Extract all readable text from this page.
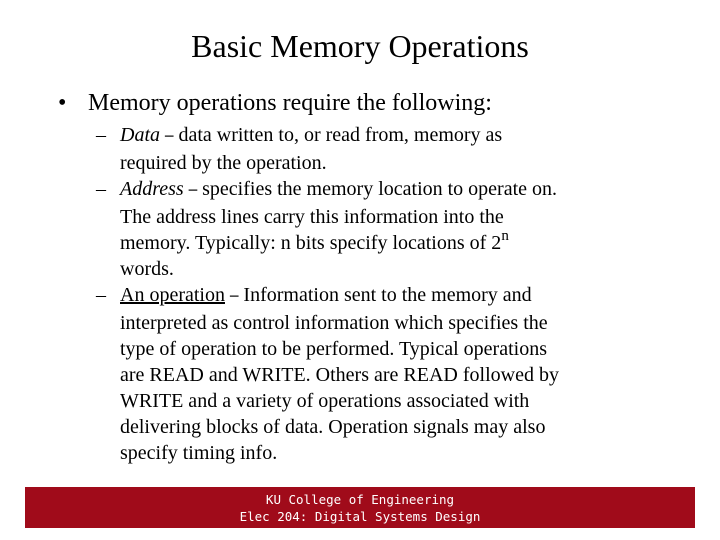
Basic Memory Operations
• Memory operations require the following:
– Data ─ data written to, or read from, memory as
required by the operation.
– Address ─ specifies the memory location to operate on.
The address lines carry this information into the
memory. Typically: n bits specify locations of 2$^n$
words.
– An operation ─ Information sent to the memory and
interpreted as control information which specifies the
type of operation to be performed. Typical operations
are READ and WRITE. Others are READ followed by
WRITE and a variety of operations associated with
delivering blocks of data. Operation signals may also
specify timing info.
KU College of Engineering
Elec 204: Digital Systems Design
